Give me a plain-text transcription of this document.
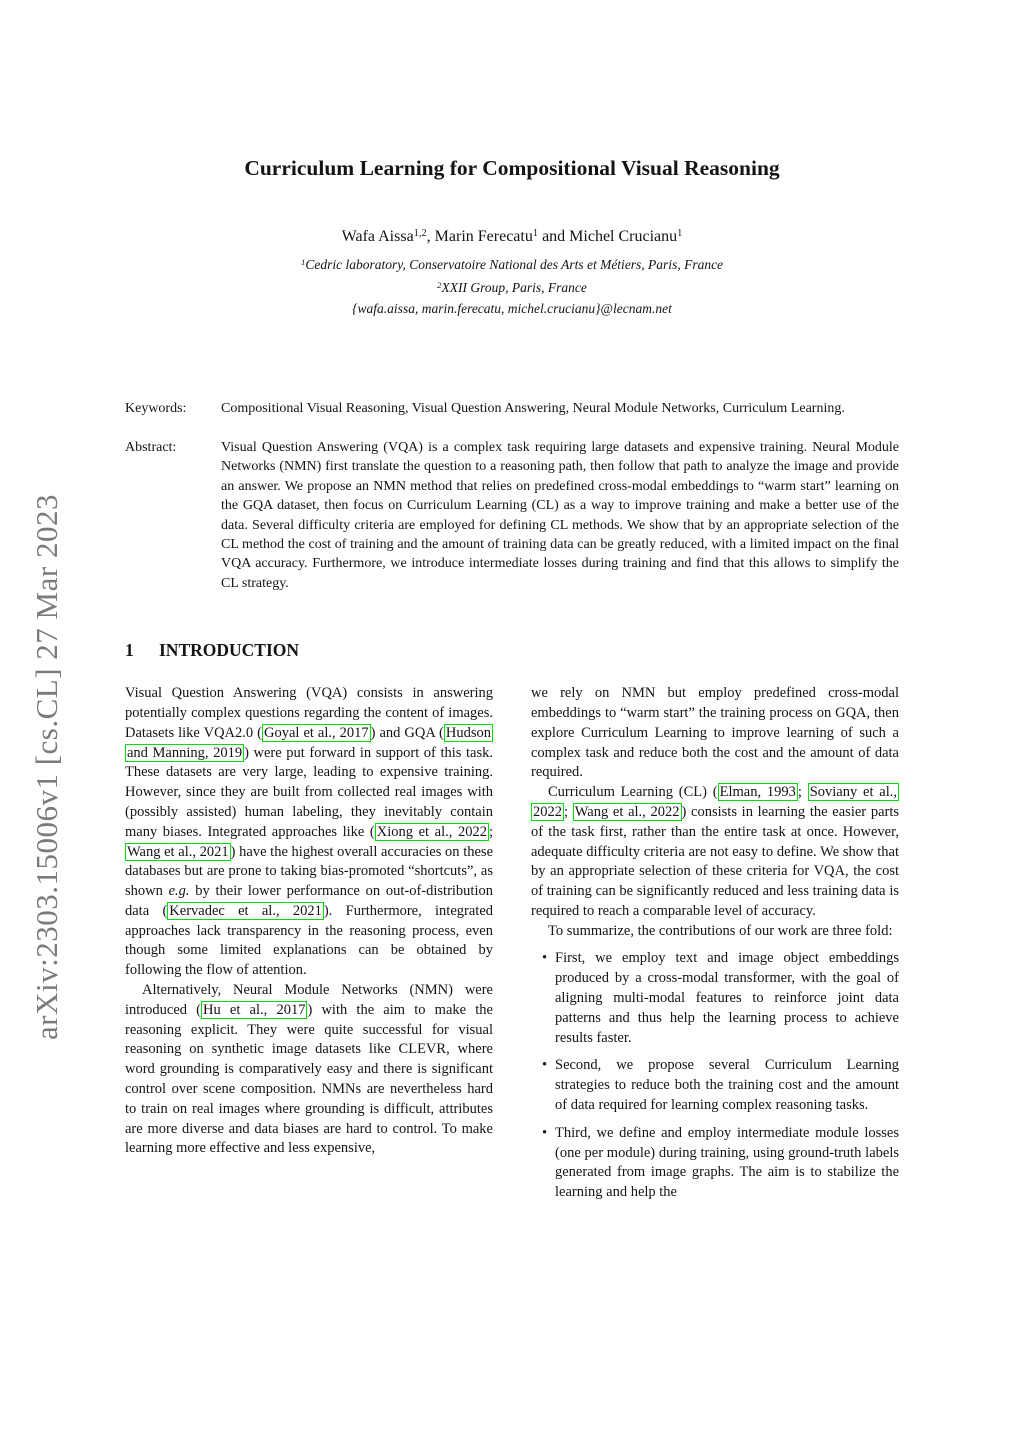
arXiv:2303.15006v1 [cs.CL] 27 Mar 2023
Curriculum Learning for Compositional Visual Reasoning
Wafa Aissa$^{1,2}$, Marin Ferecatu$^1$ and Michel Crucianu$^1$
$^1$Cedric laboratory, Conservatoire National des Arts et Métiers, Paris, France
$^2$XXII Group, Paris, France
{wafa.aissa, marin.ferecatu, michel.crucianu}@lecnam.net
Keywords:	Compositional Visual Reasoning, Visual Question Answering, Neural Module Networks, Curriculum Learning.
Abstract:	Visual Question Answering (VQA) is a complex task requiring large datasets and expensive training. Neural Module Networks (NMN) first translate the question to a reasoning path, then follow that path to analyze the image and provide an answer. We propose an NMN method that relies on predefined cross-modal embeddings to “warm start” learning on the GQA dataset, then focus on Curriculum Learning (CL) as a way to improve training and make a better use of the data. Several difficulty criteria are employed for defining CL methods. We show that by an appropriate selection of the CL method the cost of training and the amount of training data can be greatly reduced, with a limited impact on the final VQA accuracy. Furthermore, we introduce intermediate losses during training and find that this allows to simplify the CL strategy.
1 INTRODUCTION

Visual Question Answering (VQA) consists in answering potentially complex questions regarding the content of images. Datasets like VQA2.0 ( Goyal et al., 2017 ) and GQA ( Hudson and Manning, 2019 ) were put forward in support of this task. These datasets are very large, leading to expensive training. However, since they are built from collected real images with (possibly assisted) human labeling, they inevitably contain many biases. Integrated approaches like ( Xiong et al., 2022 ; Wang et al., 2021 ) have the highest overall accuracies on these databases but are prone to taking bias-promoted “shortcuts”, as shown e.g. by their lower performance on out-of-distribution data ( Kervadec et al., 2021 ). Furthermore, integrated approaches lack transparency in the reasoning process, even though some limited explanations can be obtained by following the flow of attention.

Alternatively, Neural Module Networks (NMN) were introduced ( Hu et al., 2017 ) with the aim to make the reasoning explicit. They were quite successful for visual reasoning on synthetic image datasets like CLEVR, where word grounding is comparatively easy and there is significant control over scene composition. NMNs are nevertheless hard to train on real images where grounding is difficult, attributes are more diverse and data biases are hard to control. To make learning more effective and less expensive,

we rely on NMN but employ predefined cross-modal embeddings to “warm start” the training process on GQA, then explore Curriculum Learning to improve learning of such a complex task and reduce both the cost and the amount of data required.

Curriculum Learning (CL) ( Elman, 1993 ; Soviany et al., 2022 ; Wang et al., 2022 ) consists in learning the easier parts of the task first, rather than the entire task at once. However, adequate difficulty criteria are not easy to define. We show that by an appropriate selection of these criteria for VQA, the cost of training can be significantly reduced and less training data is required to reach a comparable level of accuracy.

To summarize, the contributions of our work are three fold:

• First, we employ text and image object embeddings produced by a cross-modal transformer, with the goal of aligning multi-modal features to reinforce joint data patterns and thus help the learning process to achieve results faster.
• Second, we propose several Curriculum Learning strategies to reduce both the training cost and the amount of data required for learning complex reasoning tasks.
• Third, we define and employ intermediate module losses (one per module) during training, using ground-truth labels generated from image graphs. The aim is to stabilize the learning and help the
